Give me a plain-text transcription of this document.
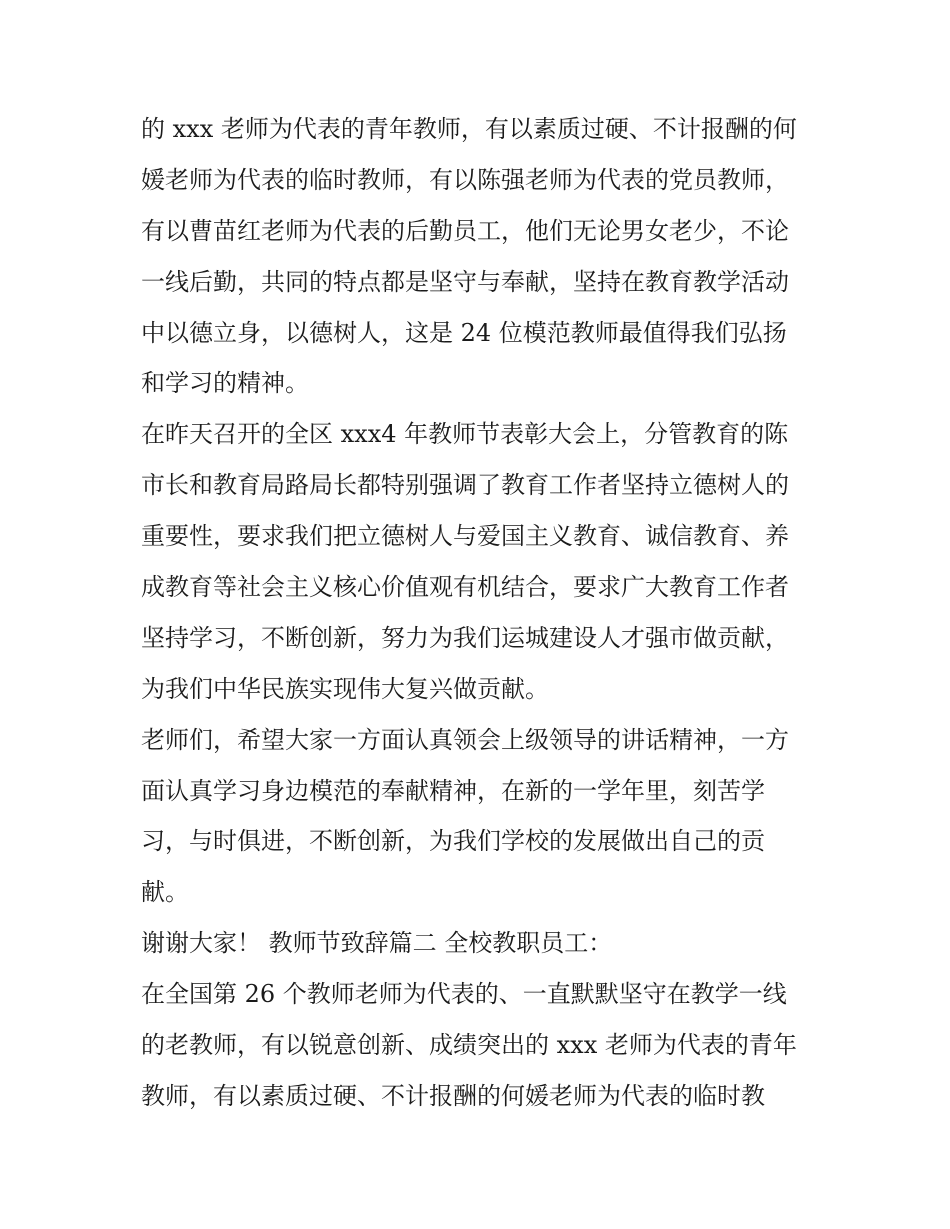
的 xxx 老师为代表的青年教师，有以素质过硬、不计报酬的何
媛老师为代表的临时教师，有以陈强老师为代表的党员教师，
有以曹苗红老师为代表的后勤员工，他们无论男女老少，不论
一线后勤，共同的特点都是坚守与奉献，坚持在教育教学活动
中以德立身，以德树人，这是 24 位模范教师最值得我们弘扬
和学习的精神。
在昨天召开的全区 xxx4 年教师节表彰大会上，分管教育的陈
市长和教育局路局长都特别强调了教育工作者坚持立德树人的
重要性，要求我们把立德树人与爱国主义教育、诚信教育、养
成教育等社会主义核心价值观有机结合，要求广大教育工作者
坚持学习，不断创新，努力为我们运城建设人才强市做贡献，
为我们中华民族实现伟大复兴做贡献。
老师们，希望大家一方面认真领会上级领导的讲话精神，一方
面认真学习身边模范的奉献精神，在新的一学年里，刻苦学
习，与时俱进，不断创新，为我们学校的发展做出自己的贡
献。
谢谢大家！ 教师节致辞篇二 全校教职员工：
在全国第 26 个教师老师为代表的、一直默默坚守在教学一线
的老教师，有以锐意创新、成绩突出的 xxx 老师为代表的青年
教师，有以素质过硬、不计报酬的何媛老师为代表的临时教
